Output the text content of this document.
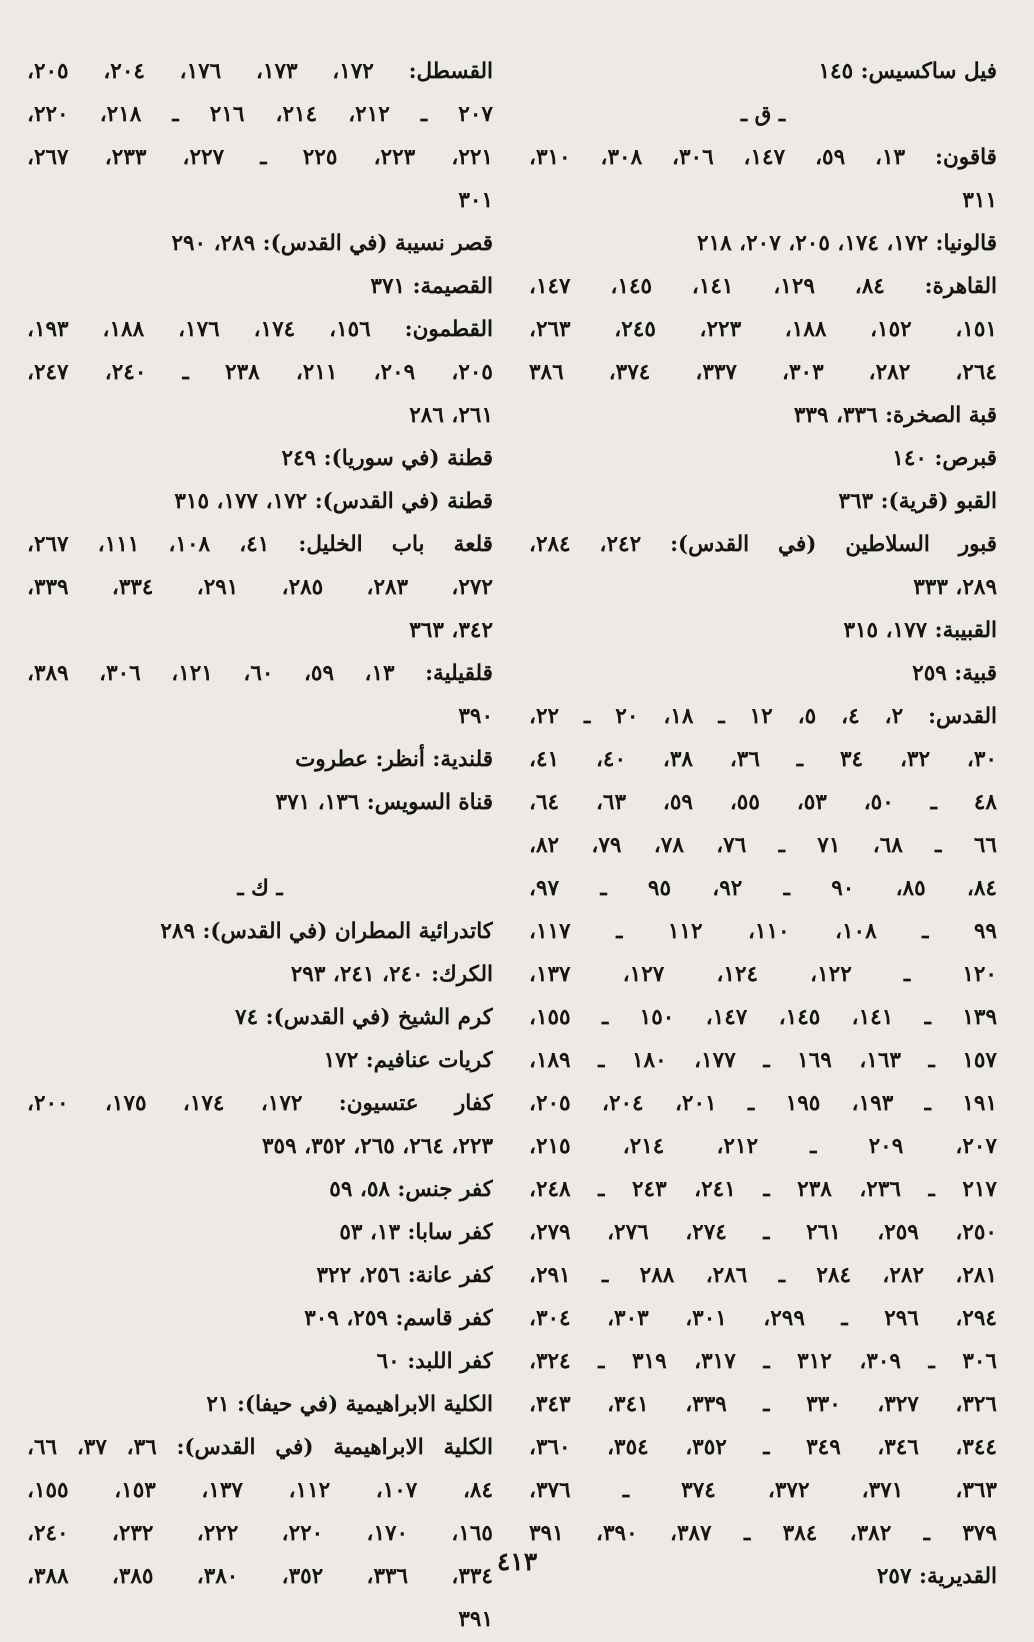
فيل ساكسيس: ١٤٥
ـ ق ـ
قاقون: ١٣، ٥٩، ١٤٧، ٣٠٦، ٣٠٨، ٣١٠،
٣١١
قالونيا: ١٧٢، ١٧٤، ٢٠٥، ٢٠٧، ٢١٨
القاهرة: ٨٤، ١٢٩، ١٤١، ١٤٥، ١٤٧،
١٥١، ١٥٢، ١٨٨، ٢٢٣، ٢٤٥، ٢٦٣،
٢٦٤، ٢٨٢، ٣٠٣، ٣٣٧، ٣٧٤، ٣٨٦
قبة الصخرة: ٣٣٦، ٣٣٩
قبرص: ١٤٠
القبو (قرية): ٣٦٣
قبور السلاطين (في القدس): ٢٤٢، ٢٨٤،
٢٨٩، ٣٣٣
القبيبة: ١٧٧، ٣١٥
قبية: ٢٥٩
القدس: ٢، ٤، ٥، ١٢ ـ ١٨، ٢٠ ـ ٢٢،
٣٠، ٣٢، ٣٤ ـ ٣٦، ٣٨، ٤٠، ٤١،
٤٨ ـ ٥٠، ٥٣، ٥٥، ٥٩، ٦٣، ٦٤،
٦٦ ـ ٦٨، ٧١ ـ ٧٦، ٧٨، ٧٩، ٨٢،
٨٤، ٨٥، ٩٠ ـ ٩٢، ٩٥ ـ ٩٧،
٩٩ ـ ١٠٨، ١١٠، ١١٢ ـ ١١٧،
١٢٠ ـ ١٢٢، ١٢٤، ١٢٧، ١٣٧،
١٣٩ ـ ١٤١، ١٤٥، ١٤٧، ١٥٠ ـ ١٥٥،
١٥٧ ـ ١٦٣، ١٦٩ ـ ١٧٧، ١٨٠ ـ ١٨٩،
١٩١ ـ ١٩٣، ١٩٥ ـ ٢٠١، ٢٠٤، ٢٠٥،
٢٠٧، ٢٠٩ ـ ٢١٢، ٢١٤، ٢١٥،
٢١٧ ـ ٢٣٦، ٢٣٨ ـ ٢٤١، ٢٤٣ ـ ٢٤٨،
٢٥٠، ٢٥٩، ٢٦١ ـ ٢٧٤، ٢٧٦، ٢٧٩،
٢٨١، ٢٨٢، ٢٨٤ ـ ٢٨٦، ٢٨٨ ـ ٢٩١،
٢٩٤، ٢٩٦ ـ ٢٩٩، ٣٠١، ٣٠٣، ٣٠٤،
٣٠٦ ـ ٣٠٩، ٣١٢ ـ ٣١٧، ٣١٩ ـ ٣٢٤،
٣٢٦، ٣٢٧، ٣٣٠ ـ ٣٣٩، ٣٤١، ٣٤٣،
٣٤٤، ٣٤٦، ٣٤٩ ـ ٣٥٢، ٣٥٤، ٣٦٠،
٣٦٣، ٣٧١، ٣٧٢، ٣٧٤ ـ ٣٧٦،
٣٧٩ ـ ٣٨٢، ٣٨٤ ـ ٣٨٧، ٣٩٠، ٣٩١
القديرية: ٢٥٧
القسطل: ١٧٢، ١٧٣، ١٧٦، ٢٠٤، ٢٠٥،
٢٠٧ ـ ٢١٢، ٢١٤، ٢١٦ ـ ٢١٨، ٢٢٠،
٢٢١، ٢٢٣، ٢٢٥ ـ ٢٢٧، ٢٣٣، ٢٦٧،
٣٠١
قصر نسيبة (في القدس): ٢٨٩، ٢٩٠
القصيمة: ٣٧١
القطمون: ١٥٦، ١٧٤، ١٧٦، ١٨٨، ١٩٣،
٢٠٥، ٢٠٩، ٢١١، ٢٣٨ ـ ٢٤٠، ٢٤٧،
٢٦١، ٢٨٦
قطنة (في سوريا): ٢٤٩
قطنة (في القدس): ١٧٢، ١٧٧، ٣١٥
قلعة باب الخليل: ٤١، ١٠٨، ١١١، ٢٦٧،
٢٧٢، ٢٨٣، ٢٨٥، ٢٩١، ٣٣٤، ٣٣٩،
٣٤٢، ٣٦٣
قلقيلية: ١٣، ٥٩، ٦٠، ١٢١، ٣٠٦، ٣٨٩،
٣٩٠
قلندية: أنظر: عطروت
قناة السويس: ١٣٦، ٣٧١
ـ ك ـ
كاتدرائية المطران (في القدس): ٢٨٩
الكرك: ٢٤٠، ٢٤١، ٢٩٣
كرم الشيخ (في القدس): ٧٤
كريات عنافيم: ١٧٢
كفار عتسيون: ١٧٢، ١٧٤، ١٧٥، ٢٠٠،
٢٢٣، ٢٦٤، ٢٦٥، ٣٥٢، ٣٥٩
كفر جنس: ٥٨، ٥٩
كفر سابا: ١٣، ٥٣
كفر عانة: ٢٥٦، ٣٢٢
كفر قاسم: ٢٥٩، ٣٠٩
كفر اللبد: ٦٠
الكلية الابراهيمية (في حيفا): ٢١
الكلية الابراهيمية (في القدس): ٣٦، ٣٧، ٦٦،
٨٤، ١٠٧، ١١٢، ١٣٧، ١٥٣، ١٥٥،
١٦٥، ١٧٠، ٢٢٠، ٢٢٢، ٢٣٢، ٢٤٠،
٣٣٤، ٣٣٦، ٣٥٢، ٣٨٠، ٣٨٥، ٣٨٨،
٣٩١
٤١٣
